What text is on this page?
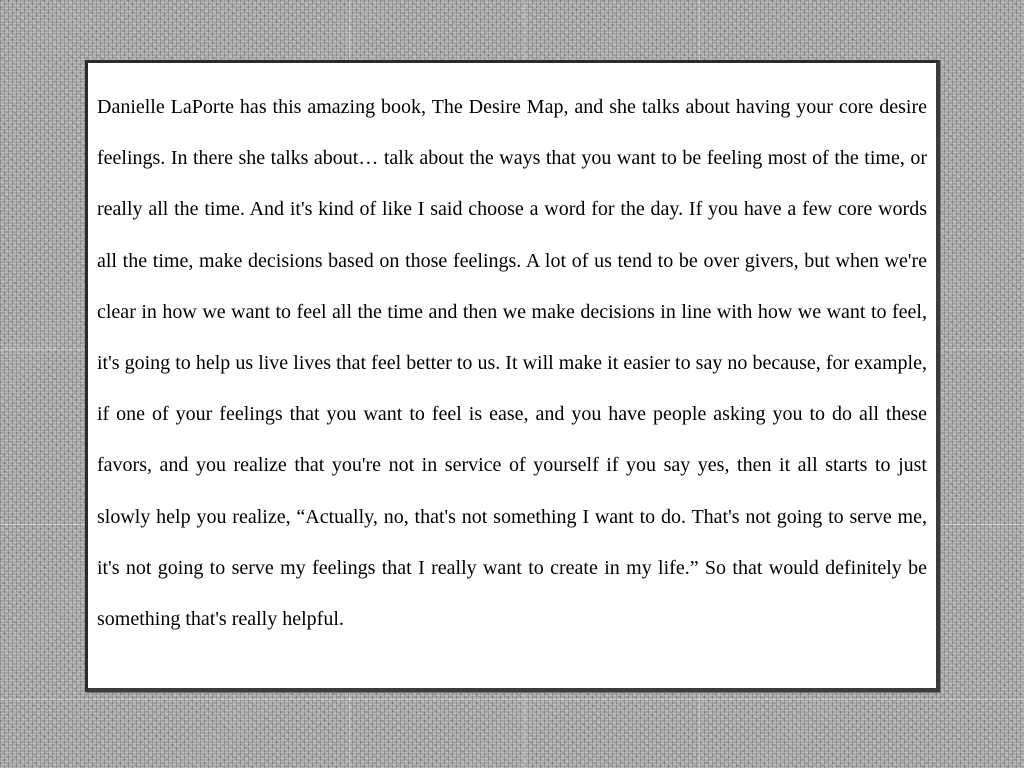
Danielle LaPorte has this amazing book, The Desire Map, and she talks about having your core desire feelings. In there she talks about… talk about the ways that you want to be feeling most of the time, or really all the time. And it's kind of like I said choose a word for the day. If you have a few core words all the time, make decisions based on those feelings. A lot of us tend to be over givers, but when we're clear in how we want to feel all the time and then we make decisions in line with how we want to feel, it's going to help us live lives that feel better to us. It will make it easier to say no because, for example, if one of your feelings that you want to feel is ease, and you have people asking you to do all these favors, and you realize that you're not in service of yourself if you say yes, then it all starts to just slowly help you realize, “Actually, no, that's not something I want to do. That's not going to serve me, it's not going to serve my feelings that I really want to create in my life.” So that would definitely be something that's really helpful.
